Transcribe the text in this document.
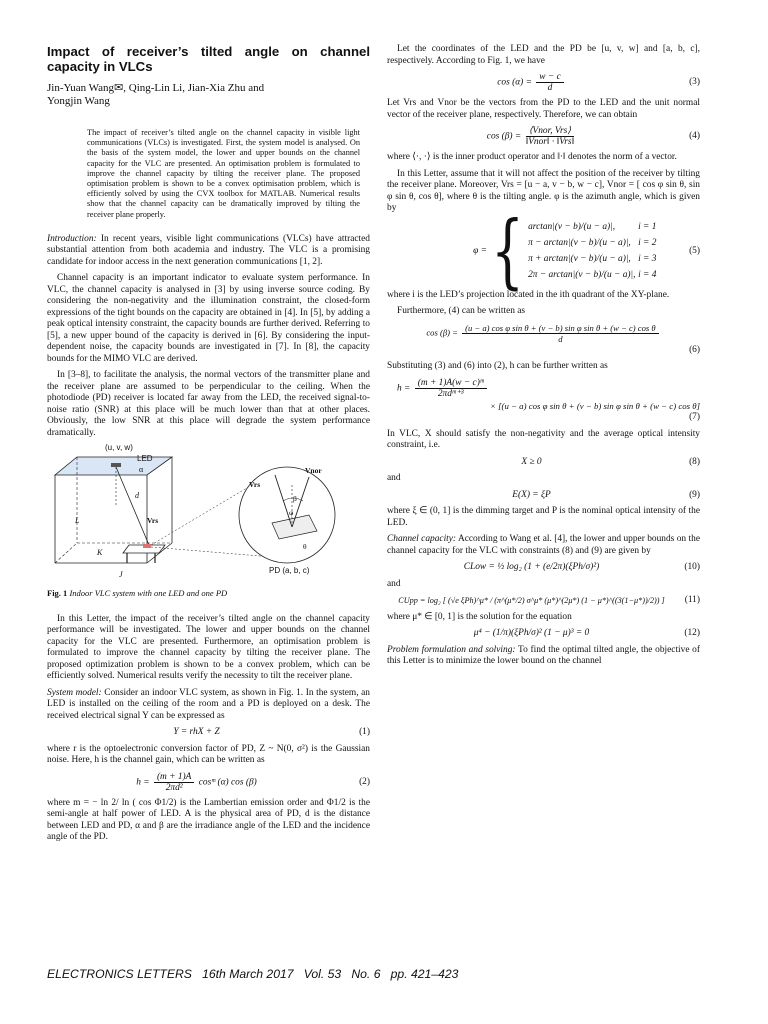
Impact of receiver’s tilted angle on channel capacity in VLCs
Jin-Yuan Wang✉, Qing-Lin Li, Jian-Xia Zhu and
Yongjin Wang
The impact of receiver’s tilted angle on the channel capacity in visible light communications (VLCs) is investigated. First, the system model is analysed. On the basis of the system model, the lower and upper bounds on the channel capacity for the VLC are presented. An optimisation problem is formulated to improve the channel capacity by tilting the receiver plane. The proposed optimisation problem is shown to be a convex optimisation problem, which is efficiently solved by using the CVX toolbox for MATLAB. Numerical results show that the channel capacity can be dramatically improved by tilting the receiver plane properly.

Introduction: In recent years, visible light communications (VLCs) have attracted substantial attention from both academia and industry. The VLC is a promising candidate for indoor access in the next generation communications [1, 2].

Channel capacity is an important indicator to evaluate system performance. In VLC, the channel capacity is analysed in [3] by using inverse source coding. By considering the non-negativity and the illumination constraint, the closed-form expressions of the tight bounds on the capacity are obtained in [4]. In [5], by adding a peak optical intensity constraint, the capacity bounds are further derived. Referring to [5], a new upper bound of the capacity is derived in [6]. By considering the input-dependent noise, the capacity bounds are investigated in [7]. In [8], the capacity bounds for the MIMO VLC are derived.

In [3–8], to facilitate the analysis, the normal vectors of the transmitter plane and the receiver plane are assumed to be perpendicular to the ceiling. When the photodiode (PD) receiver is located far away from the LED, the received signal-to-noise ratio (SNR) at this place will be much lower than that at other places. Obviously, the low SNR at this place will degrade the system performance dramatically.

(u, v, w)
LED
α
d
L
K
J
Vrs
Vrs
Vnor
β
φ
θ
PD (a, b, c)
Fig. 1 Indoor VLC system with one LED and one PD

In this Letter, the impact of the receiver’s tilted angle on the channel capacity performance will be investigated. The lower and upper bounds on the channel capacity for the VLC are presented. Furthermore, an optimisation problem is formulated to improve the channel capacity by tilting the receiver plane. The proposed optimization problem is shown to be a convex problem, which can be efficiently solved. Numerical results verify the necessity to tilt the receiver plane.

System model: Consider an indoor VLC system, as shown in Fig. 1. In the system, an LED is installed on the ceiling of the room and a PD is deployed on a desk. The received electrical signal Y can be expressed as

Y = rhX + Z	(1)

where r is the optoelectronic conversion factor of PD, Z ~ N(0, σ²) is the Gaussian noise. Here, h is the channel gain, which can be written as

$h = \frac{(m + 1)A}{\text{2πd²}}$ cosᵐ (α) cos (β)	(2)

where m = − ln 2/ ln ( cos Φ1/2) is the Lambertian emission order and Φ1/2 is the semi-angle at half power of LED. A is the physical area of PD, d is the distance between LED and PD, α and β are the irradiance angle of the LED and the incidence angle of the PD.

Let the coordinates of the LED and the PD be [u, v, w] and [a, b, c], respectively. According to Fig. 1, we have

$\cos (\alpha) = \frac{w - c}{d}$	(3)

Let Vrs and Vnor be the vectors from the PD to the LED and the unit normal vector of the receiver plane, respectively. Therefore, we can obtain

$\cos (\beta) = \frac{\text{⟨Vnor, Vrs⟩}}{\text{‖Vnor‖ · ‖Vrs‖}}$	(4)

where ⟨·, ·⟩ is the inner product operator and ‖·‖ denotes the norm of a vector.

In this Letter, assume that it will not affect the position of the receiver by tilting the receiver plane. Moreover, Vrs = [u − a, v − b, w − c], Vnor = [ cos φ sin θ, sin φ sin θ, cos θ], where θ is the tilting angle. φ is the azimuth angle, which is given by

φ = { arctan|(v − b)/(u − a)|,	i = 1
π − arctan|(v − b)/(u − a)|, i = 2
π + arctan|(v − b)/(u − a)|, i = 3
2π − arctan|(v − b)/(u − a)|, i = 4
(5)

where i is the LED’s projection located in the ith quadrant of the XY-plane.

Furthermore, (4) can be written as

$\cos (\beta) = \frac{\text{(u − a) cos φ sin θ + (v − b) sin φ sin θ + (w − c) cos θ}}{d}$
(6)

Substituting (3) and (6) into (2), h can be further written as

$h = \frac{\text{(m + 1)A(w − c)ᵐ}}{\text{2πdᵐ⁺³}}$
× [(u − a) cos φ sin θ + (v − b) sin φ sin θ + (w − c) cos θ]
(7)

In VLC, X should satisfy the non-negativity and the average optical intensity constraint, i.e.

X ≥ 0	(8)

and

E(X) = ξP	(9)

where ξ ∈ (0, 1] is the dimming target and P is the nominal optical intensity of the LED.

Channel capacity: According to Wang et al. [4], the lower and upper bounds on the channel capacity for the VLC with constraints (8) and (9) are given by

CLow = ½ log₂ (1 + (e/2π)(ξPh/σ)²)	(10)

and

CUpp = log₂ [ (√e ξPh)^μ* / (π^(μ*/2) σ^μ* (μ*)^(2μ*) (1 − μ*)^((3(1−μ*))/2)) ]	(11)

where μ* ∈ [0, 1] is the solution for the equation

μ⁴ − (1/π)(ξPh/σ)² (1 − μ)³ = 0	(12)

Problem formulation and solving: To find the optimal tilted angle, the objective of this Letter is to minimize the lower bound on the channel

ELECTRONICS LETTERS   16th March 2017   Vol. 53   No. 6   pp. 421–423
